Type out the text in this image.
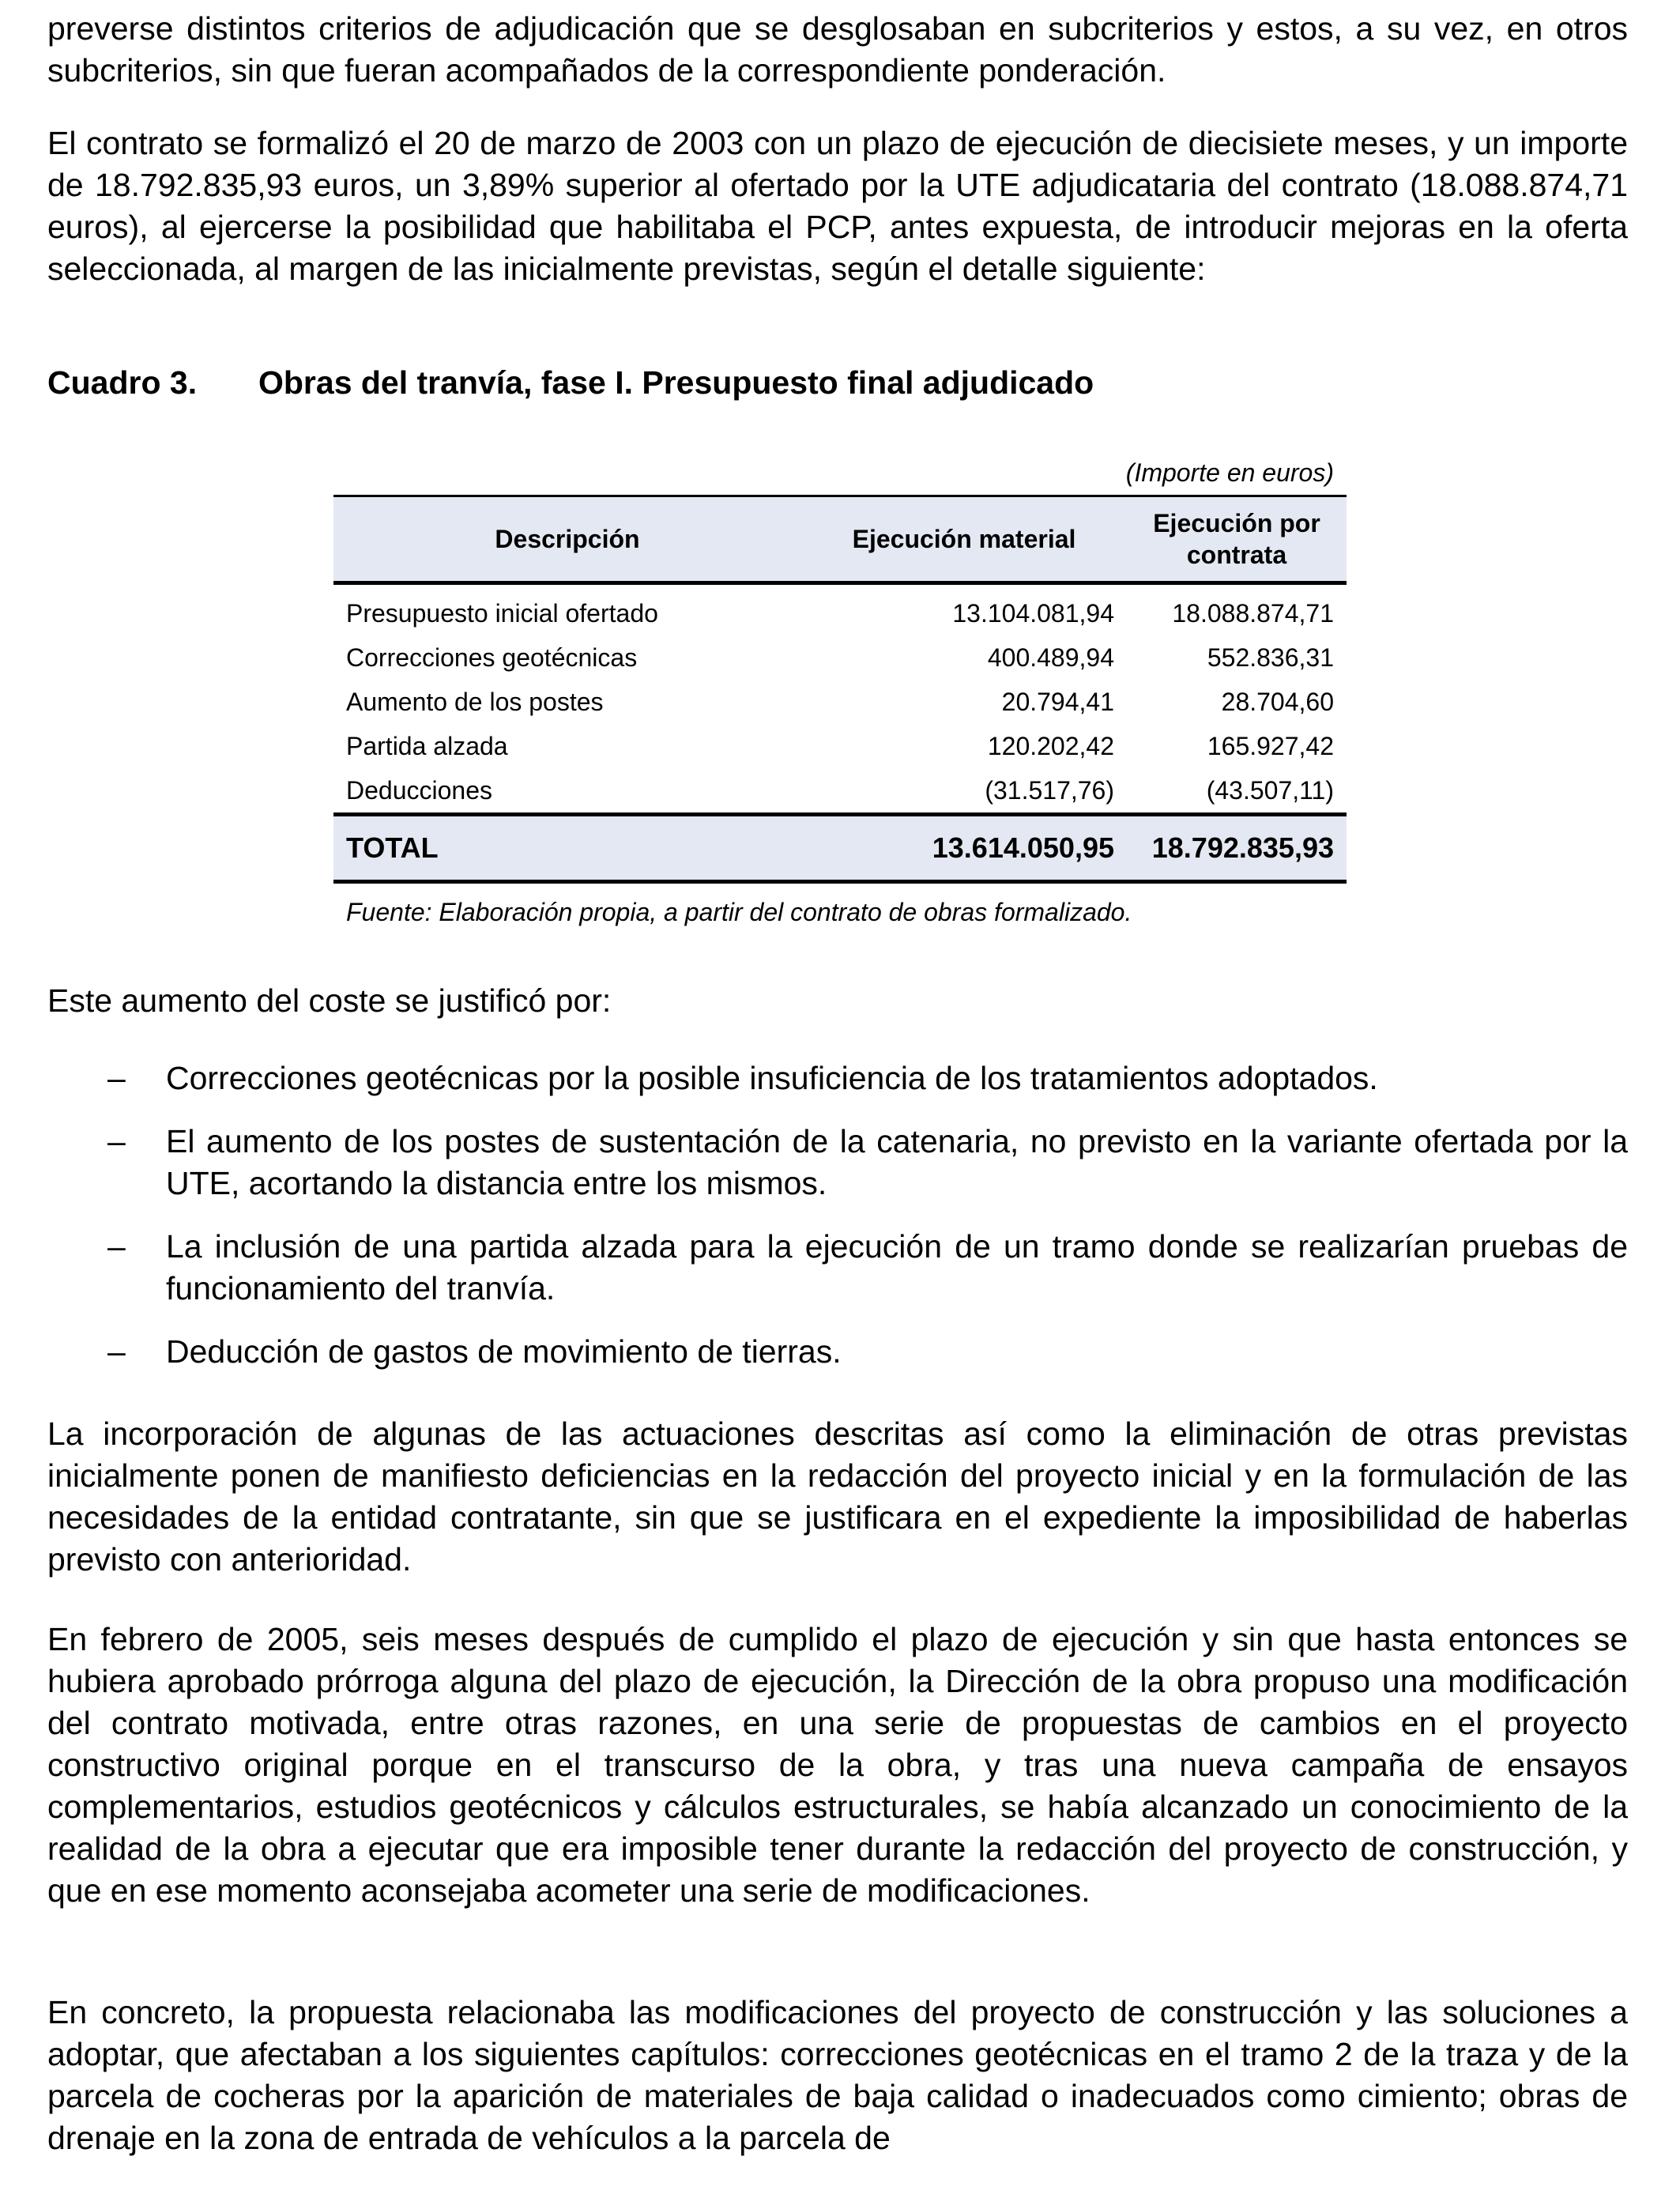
preverse distintos criterios de adjudicación que se desglosaban en subcriterios y estos, a su vez, en otros subcriterios, sin que fueran acompañados de la correspondiente ponderación.

El contrato se formalizó el 20 de marzo de 2003 con un plazo de ejecución de diecisiete meses, y un importe de 18.792.835,93 euros, un 3,89% superior al ofertado por la UTE adjudicataria del contrato (18.088.874,71 euros), al ejercerse la posibilidad que habilitaba el PCP, antes expuesta, de introducir mejoras en la oferta seleccionada, al margen de las inicialmente previstas, según el detalle siguiente:

Cuadro 3. Obras del tranvía, fase I. Presupuesto final adjudicado
(Importe en euros)
Descripción	Ejecución material	Ejecución por contrata
Presupuesto inicial ofertado	13.104.081,94	18.088.874,71
Correcciones geotécnicas	400.489,94	552.836,31
Aumento de los postes	20.794,41	28.704,60
Partida alzada	120.202,42	165.927,42
Deducciones	(31.517,76)	(43.507,11)
TOTAL	13.614.050,95	18.792.835,93
Fuente: Elaboración propia, a partir del contrato de obras formalizado.

Este aumento del coste se justificó por:

– Correcciones geotécnicas por la posible insuficiencia de los tratamientos adoptados.
– El aumento de los postes de sustentación de la catenaria, no previsto en la variante ofertada por la UTE, acortando la distancia entre los mismos.
– La inclusión de una partida alzada para la ejecución de un tramo donde se realizarían pruebas de funcionamiento del tranvía.
– Deducción de gastos de movimiento de tierras.

La incorporación de algunas de las actuaciones descritas así como la eliminación de otras previstas inicialmente ponen de manifiesto deficiencias en la redacción del proyecto inicial y en la formulación de las necesidades de la entidad contratante, sin que se justificara en el expediente la imposibilidad de haberlas previsto con anterioridad.

En febrero de 2005, seis meses después de cumplido el plazo de ejecución y sin que hasta entonces se hubiera aprobado prórroga alguna del plazo de ejecución, la Dirección de la obra propuso una modificación del contrato motivada, entre otras razones, en una serie de propuestas de cambios en el proyecto constructivo original porque en el transcurso de la obra, y tras una nueva campaña de ensayos complementarios, estudios geotécnicos y cálculos estructurales, se había alcanzado un conocimiento de la realidad de la obra a ejecutar que era imposible tener durante la redacción del proyecto de construcción, y que en ese momento aconsejaba acometer una serie de modificaciones.

En concreto, la propuesta relacionaba las modificaciones del proyecto de construcción y las soluciones a adoptar, que afectaban a los siguientes capítulos: correcciones geotécnicas en el tramo 2 de la traza y de la parcela de cocheras por la aparición de materiales de baja calidad o inadecuados como cimiento; obras de drenaje en la zona de entrada de vehículos a la parcela de
